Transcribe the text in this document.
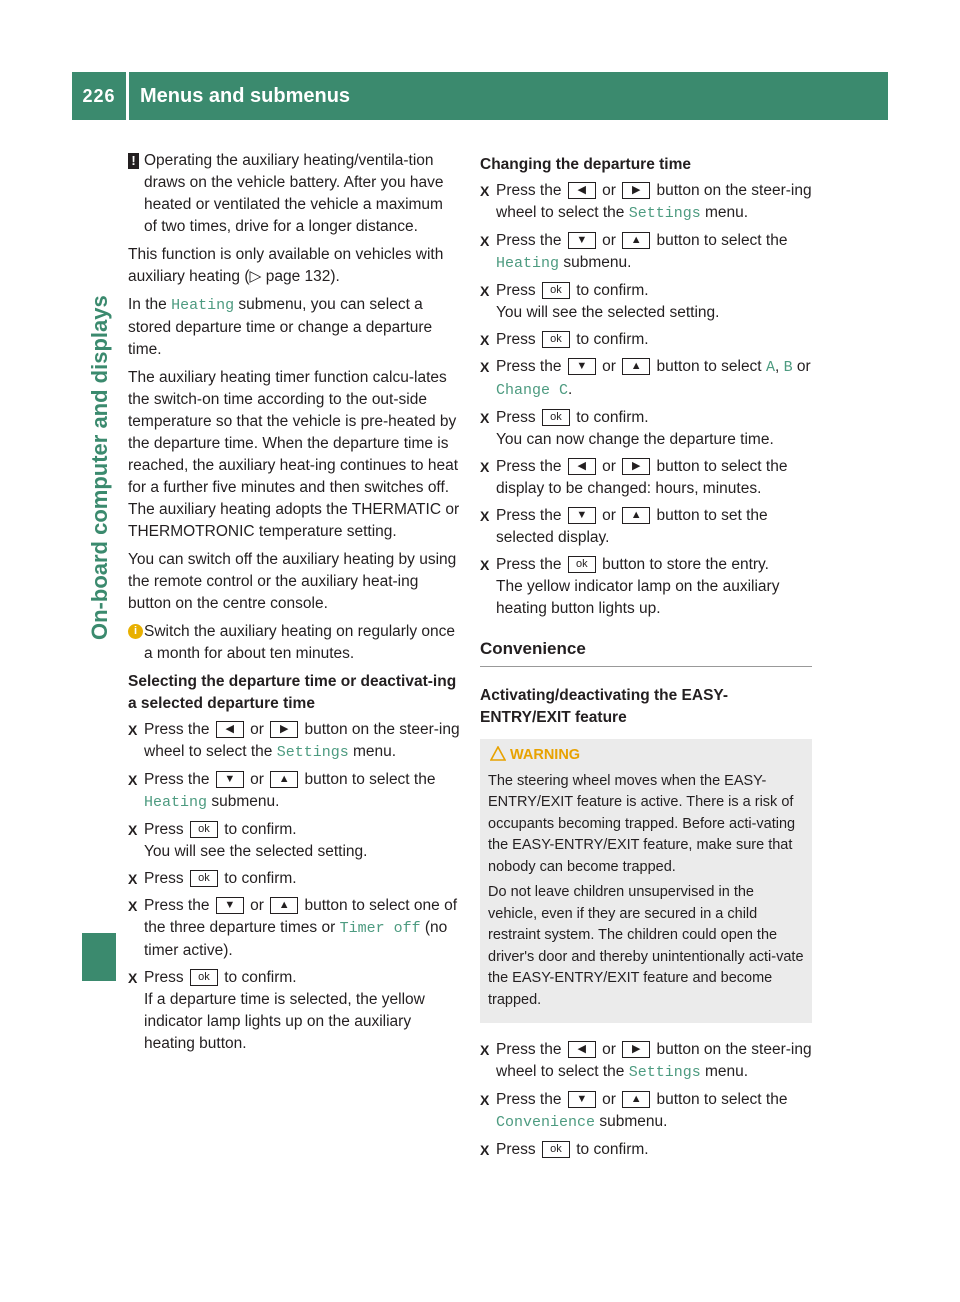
226	Menus and submenus
On-board computer and displays

! Operating the auxiliary heating/ventila-tion draws on the vehicle battery. After you have heated or ventilated the vehicle a maximum of two times, drive for a longer distance.

This function is only available on vehicles with auxiliary heating (▷ page 132).

In the Heating submenu, you can select a stored departure time or change a departure time.

The auxiliary heating timer function calcu-lates the switch-on time according to the out-side temperature so that the vehicle is pre-heated by the departure time. When the departure time is reached, the auxiliary heat-ing continues to heat for a further five minutes and then switches off. The auxiliary heating adopts the THERMATIC or THERMOTRONIC temperature setting.

You can switch off the auxiliary heating by using the remote control or the auxiliary heat-ing button on the centre console.

i Switch the auxiliary heating on regularly once a month for about ten minutes.

Selecting the departure time or deactivat-ing a selected departure time
X Press the ◀ or ▶ button on the steer-ing wheel to select the Settings menu.
X Press the ▼ or ▲ button to select the Heating submenu.
X Press ok to confirm.

You will see the selected setting.

X Press ok to confirm.
X Press the ▼ or ▲ button to select one of the three departure times or Timer off (no timer active).
X Press ok to confirm.

If a departure time is selected, the yellow indicator lamp lights up on the auxiliary heating button.

Changing the departure time
X Press the ◀ or ▶ button on the steer-ing wheel to select the Settings menu.
X Press the ▼ or ▲ button to select the Heating submenu.
X Press ok to confirm.

You will see the selected setting.

X Press ok to confirm.
X Press the ▼ or ▲ button to select A, B or Change C.
X Press ok to confirm.

You can now change the departure time.

X Press the ◀ or ▶ button to select the display to be changed: hours, minutes.
X Press the ▼ or ▲ button to set the selected display.
X Press the ok button to store the entry.

The yellow indicator lamp on the auxiliary heating button lights up.

Convenience
Activating/deactivating the EASY-ENTRY/EXIT feature
WARNING

The steering wheel moves when the EASY-ENTRY/EXIT feature is active. There is a risk of occupants becoming trapped. Before acti-vating the EASY-ENTRY/EXIT feature, make sure that nobody can become trapped.

Do not leave children unsupervised in the vehicle, even if they are secured in a child restraint system. The children could open the driver's door and thereby unintentionally acti-vate the EASY-ENTRY/EXIT feature and become trapped.

X Press the ◀ or ▶ button on the steer-ing wheel to select the Settings menu.
X Press the ▼ or ▲ button to select the Convenience submenu.
X Press ok to confirm.
